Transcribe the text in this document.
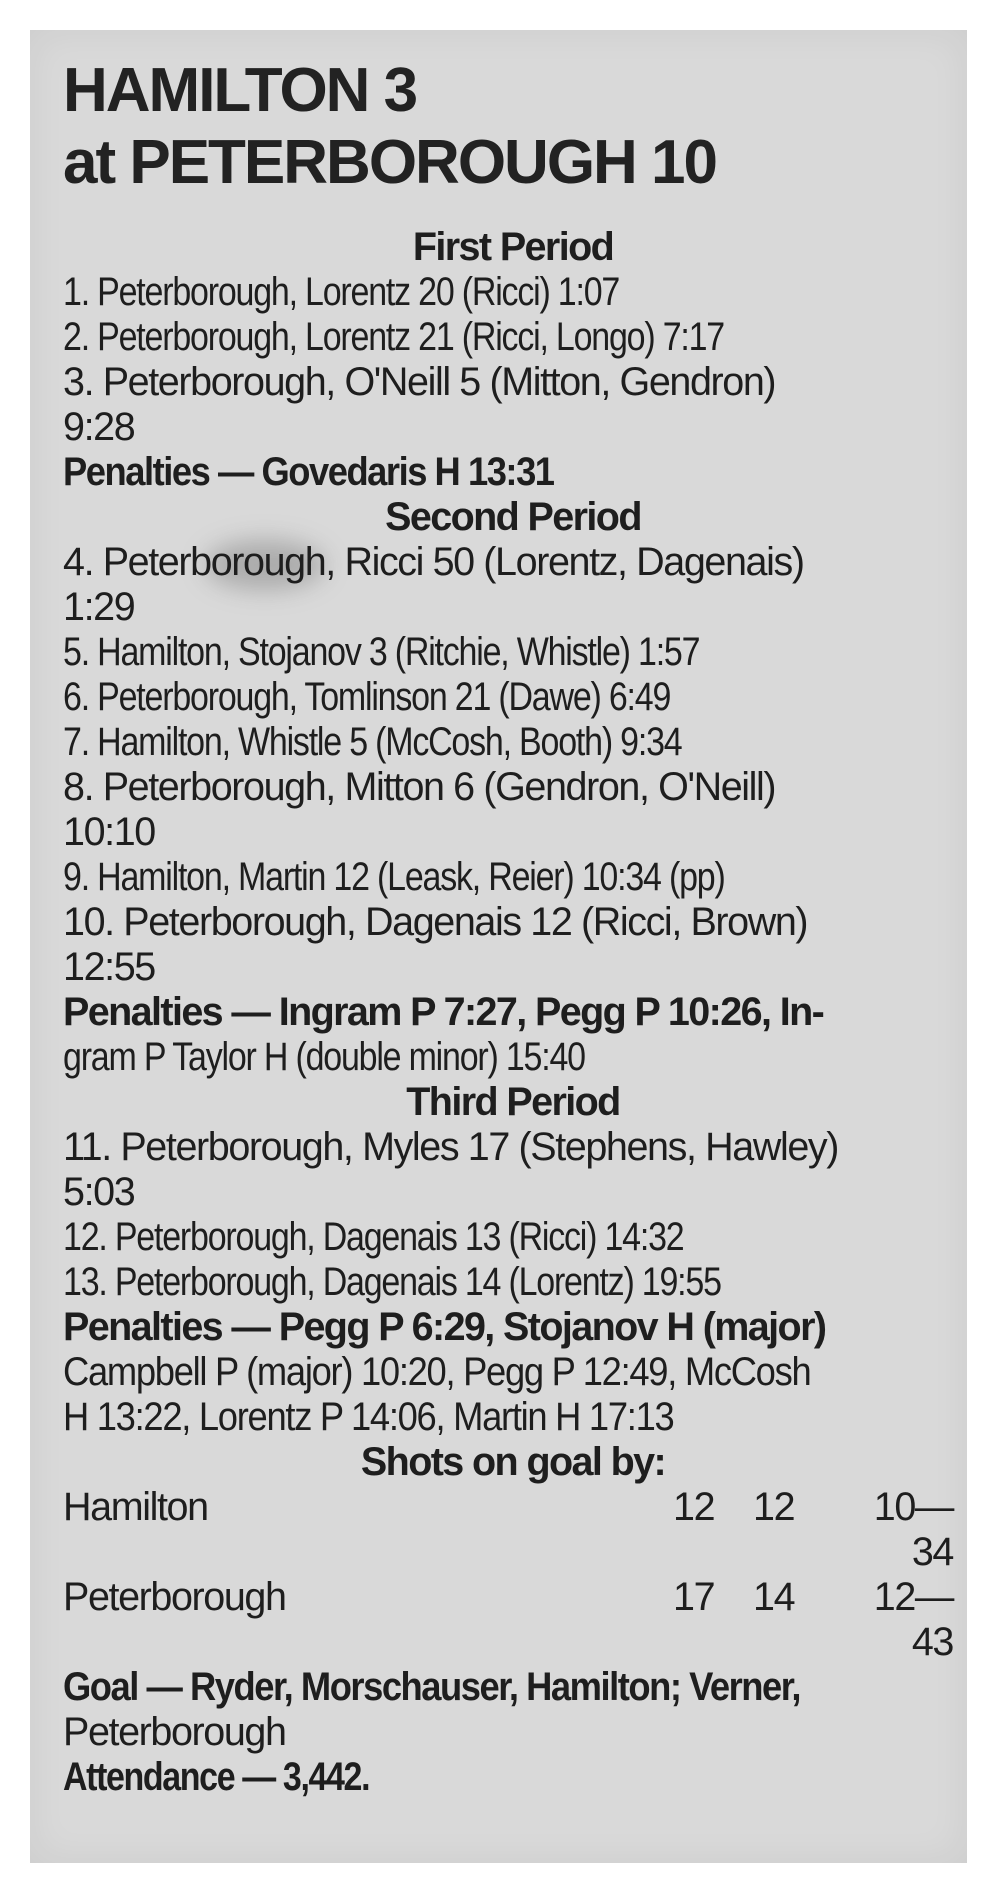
HAMILTON 3
at PETERBOROUGH 10
First Period
1. Peterborough, Lorentz 20 (Ricci) 1:07
2. Peterborough, Lorentz 21 (Ricci, Longo) 7:17
3. Peterborough, O'Neill 5 (Mitton, Gendron)
9:28
Penalties — Govedaris H 13:31
Second Period
4. Peterborough, Ricci 50 (Lorentz, Dagenais)
1:29
5. Hamilton, Stojanov 3 (Ritchie, Whistle) 1:57
6. Peterborough, Tomlinson 21 (Dawe) 6:49
7. Hamilton, Whistle 5 (McCosh, Booth) 9:34
8. Peterborough, Mitton 6 (Gendron, O'Neill)
10:10
9. Hamilton, Martin 12 (Leask, Reier) 10:34 (pp)
10. Peterborough, Dagenais 12 (Ricci, Brown)
12:55
Penalties — Ingram P 7:27, Pegg P 10:26, In-
gram P Taylor H (double minor) 15:40
Third Period
11. Peterborough, Myles 17 (Stephens, Hawley)
5:03
12. Peterborough, Dagenais 13 (Ricci) 14:32
13. Peterborough, Dagenais 14 (Lorentz) 19:55
Penalties — Pegg P 6:29, Stojanov H (major)
Campbell P (major) 10:20, Pegg P 12:49, McCosh
H 13:22, Lorentz P 14:06, Martin H 17:13
Shots on goal by:
Hamilton	12 12	10—34
Peterborough	17 14	12—43
Goal — Ryder, Morschauser, Hamilton; Verner,
Peterborough
Attendance — 3,442.
